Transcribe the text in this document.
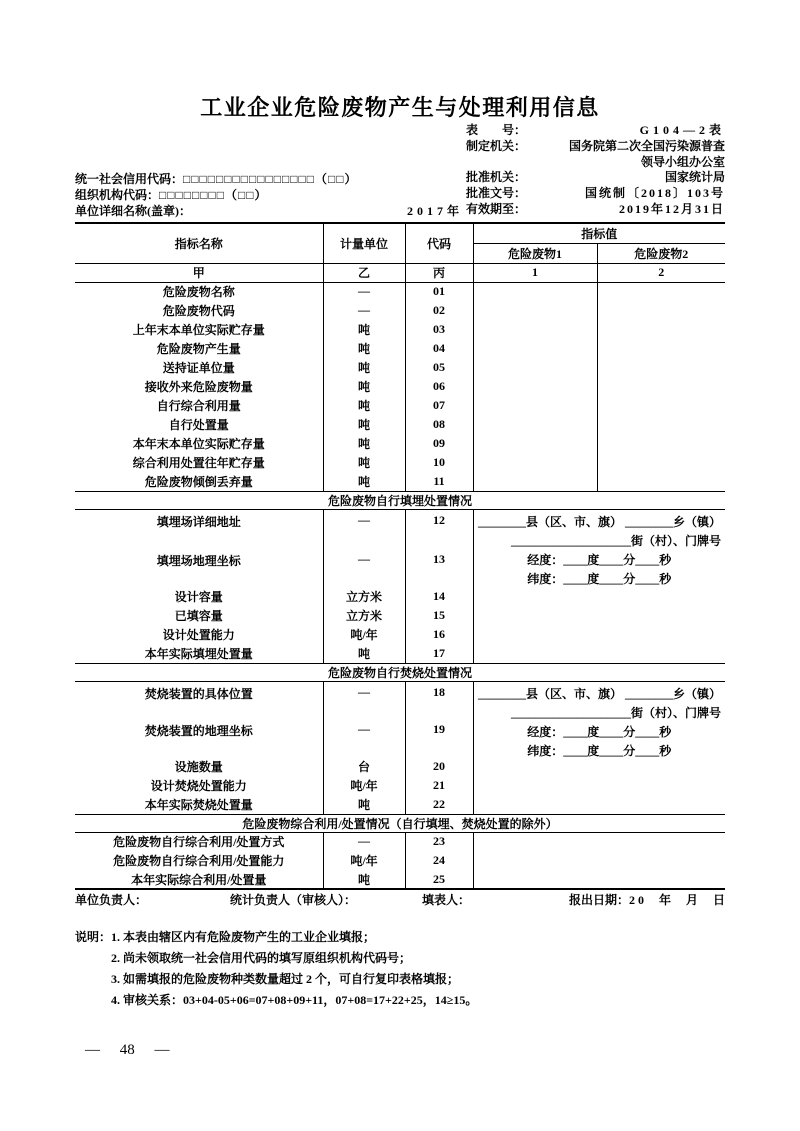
工业企业危险废物产生与处理利用信息
表　　号：	G104—2表
制定机关：	国务院第二次全国污染源普查
领导小组办公室
批准机关：	国家统计局
批准文号：	国统制〔2018〕103号
有效期至：	2019年12月31日
统一社会信用代码： □□□□□□□□□□□□□□□□（□□）
组织机构代码： □□□□□□□□（□□）
单位详细名称(盖章)：	2017年
指标名称	计量单位	代码	指标值	
			危险废物1	危险废物2
甲	乙	丙	1	2
危险废物名称	—	01		
危险废物代码	—	02		
上年末本单位实际贮存量	吨	03		
危险废物产生量	吨	04		
送持证单位量	吨	05		
接收外来危险废物量	吨	06		
自行综合利用量	吨	07		
自行处置量	吨	08		
本年末本单位实际贮存量	吨	09		
综合利用处置往年贮存量	吨	10		
危险废物倾倒丢弃量	吨	11		
危险废物自行填埋处置情况				
填埋场详细地址	—	12	________县（区、市、旗） ________乡（镇）
____________________街（村）、门牌号
经度：____度____分____秒
纬度：____度____分____秒	

填埋场地理坐标	—	13		
设计容量	立方米	14		
已填容量	立方米	15		
设计处置能力	吨/年	16		
本年实际填埋处置量	吨	17		
危险废物自行焚烧处置情况				
焚烧装置的具体位置	—	18	________县（区、市、旗） ________乡（镇）
____________________街（村）、门牌号
经度：____度____分____秒
纬度：____度____分____秒	

焚烧装置的地理坐标	—	19		
设施数量	台	20		
设计焚烧处置能力	吨/年	21		
本年实际焚烧处置量	吨	22		
危险废物综合利用/处置情况（自行填埋、焚烧处置的除外）				
危险废物自行综合利用/处置方式	—	23		
危险废物自行综合利用/处置能力	吨/年	24		
本年实际综合利用/处置量	吨	25		
单位负责人：	统计负责人（审核人）：	填表人：	报出日期：2 0　 年　 月　 日
说明： 1. 本表由辖区内有危险废物产生的工业企业填报；
2. 尚未领取统一社会信用代码的填写原组织机构代码号；
3. 如需填报的危险废物种类数量超过 2 个，可自行复印表格填报；
4. 审核关系：03+04-05+06=07+08+09+11，07+08=17+22+25，14≥15。
— 48 —
